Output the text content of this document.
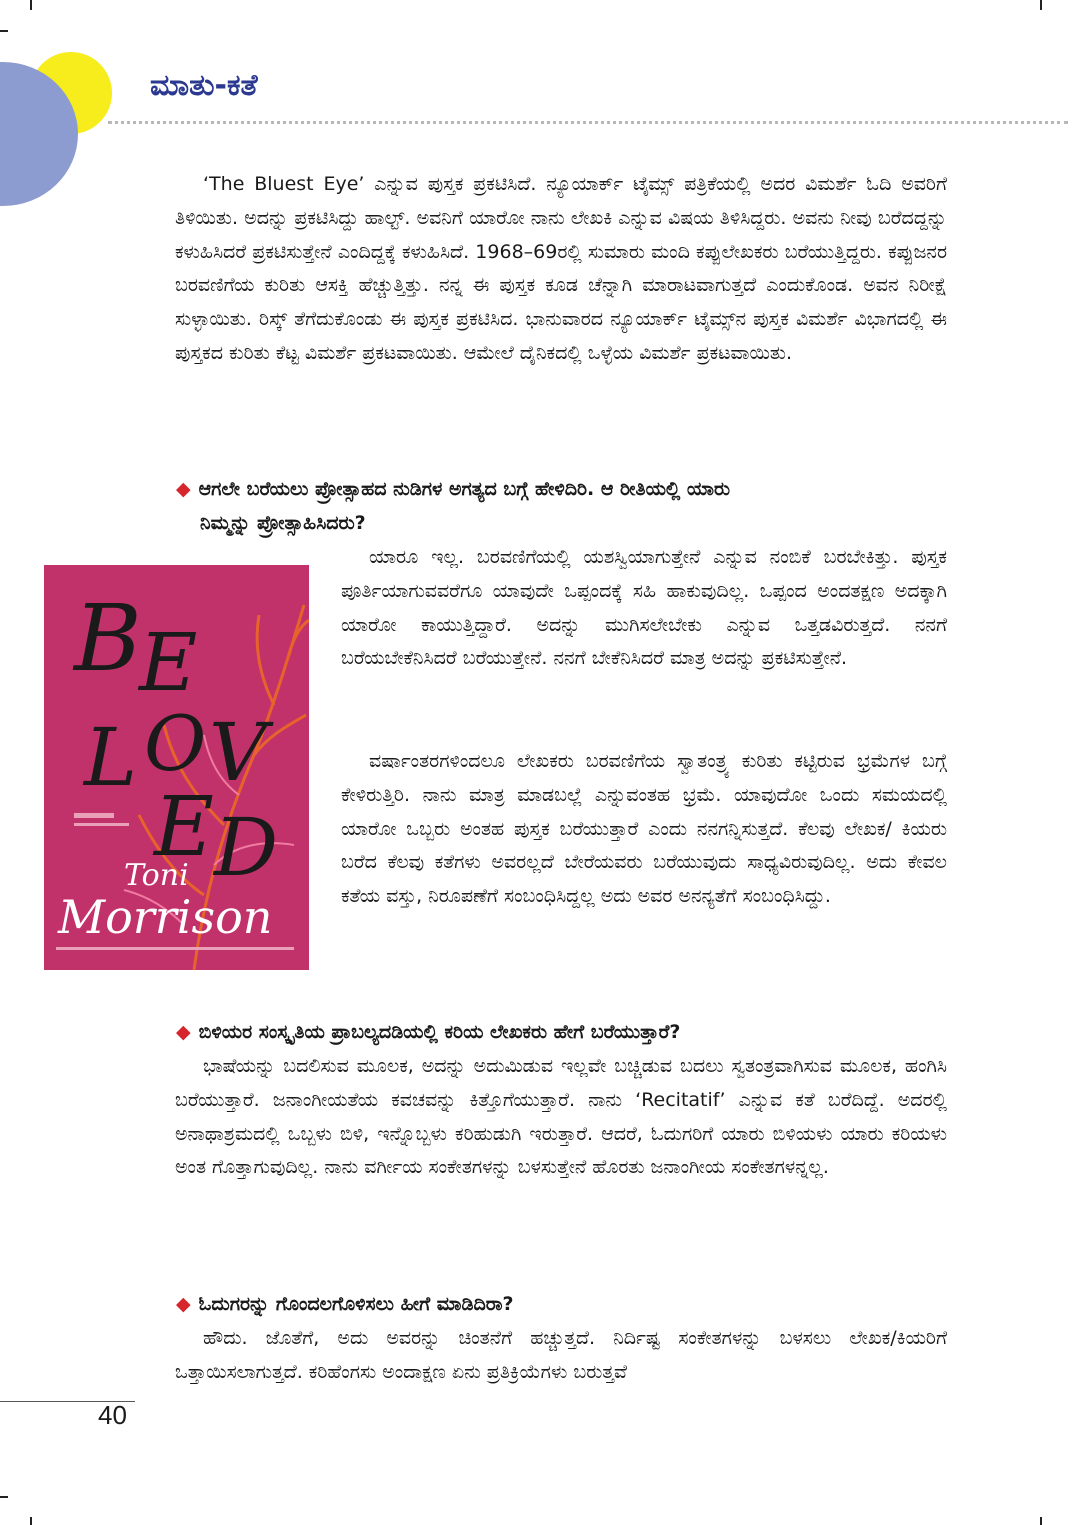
ಮಾತು-ಕತೆ

‘The Bluest Eye’ ಎನ್ನುವ ಪುಸ್ತಕ ಪ್ರಕಟಿಸಿದೆ. ನ್ಯೂಯಾರ್ಕ್ ಟೈಮ್ಸ್ ಪತ್ರಿಕೆಯಲ್ಲಿ ಅದರ ವಿಮರ್ಶೆ ಓದಿ ಅವರಿಗೆ ತಿಳಿಯಿತು. ಅದನ್ನು ಪ್ರಕಟಿಸಿದ್ದು ಹಾಲ್ಟ್. ಅವನಿಗೆ ಯಾರೋ ನಾನು ಲೇಖಕಿ ಎನ್ನುವ ವಿಷಯ ತಿಳಿಸಿದ್ದರು. ಅವನು ನೀವು ಬರೆದದ್ದನ್ನು ಕಳುಹಿಸಿದರೆ ಪ್ರಕಟಿಸುತ್ತೇನೆ ಎಂದಿದ್ದಕ್ಕೆ ಕಳುಹಿಸಿದೆ. 1968–69ರಲ್ಲಿ ಸುಮಾರು ಮಂದಿ ಕಪ್ಪುಲೇಖಕರು ಬರೆಯುತ್ತಿದ್ದರು. ಕಪ್ಪುಜನರ ಬರವಣಿಗೆಯ ಕುರಿತು ಆಸಕ್ತಿ ಹೆಚ್ಚುತ್ತಿತ್ತು. ನನ್ನ ಈ ಪುಸ್ತಕ ಕೂಡ ಚೆನ್ನಾಗಿ ಮಾರಾಟವಾಗುತ್ತದೆ ಎಂದುಕೊಂಡ. ಅವನ ನಿರೀಕ್ಷೆ ಸುಳ್ಳಾಯಿತು. ರಿಸ್ಕ್ ತೆಗೆದುಕೊಂಡು ಈ ಪುಸ್ತಕ ಪ್ರಕಟಿಸಿದ. ಭಾನುವಾರದ ನ್ಯೂಯಾರ್ಕ್ ಟೈಮ್ಸ್‌ನ ಪುಸ್ತಕ ವಿಮರ್ಶೆ ವಿಭಾಗದಲ್ಲಿ ಈ ಪುಸ್ತಕದ ಕುರಿತು ಕೆಟ್ಟ ವಿಮರ್ಶೆ ಪ್ರಕಟವಾಯಿತು. ಆಮೇಲೆ ದೈನಿಕದಲ್ಲಿ ಒಳ್ಳೆಯ ವಿಮರ್ಶೆ ಪ್ರಕಟವಾಯಿತು.

◆ ಆಗಲೇ ಬರೆಯಲು ಪ್ರೋತ್ಸಾಹದ ನುಡಿಗಳ ಅಗತ್ಯದ ಬಗ್ಗೆ ಹೇಳಿದಿರಿ. ಆ ರೀತಿಯಲ್ಲಿ ಯಾರು
ನಿಮ್ಮನ್ನು ಪ್ರೋತ್ಸಾಹಿಸಿದರು?

B
E
L O V
E D
Toni
Morrison

ಯಾರೂ ಇಲ್ಲ. ಬರವಣಿಗೆಯಲ್ಲಿ ಯಶಸ್ವಿಯಾಗುತ್ತೇನೆ ಎನ್ನುವ ನಂಬಿಕೆ ಬರಬೇಕಿತ್ತು. ಪುಸ್ತಕ ಪೂರ್ತಿಯಾಗುವವರೆಗೂ ಯಾವುದೇ ಒಪ್ಪಂದಕ್ಕೆ ಸಹಿ ಹಾಕುವುದಿಲ್ಲ. ಒಪ್ಪಂದ ಅಂದತಕ್ಷಣ ಅದಕ್ಕಾಗಿ ಯಾರೋ ಕಾಯುತ್ತಿದ್ದಾರೆ. ಅದನ್ನು ಮುಗಿಸಲೇಬೇಕು ಎನ್ನುವ ಒತ್ತಡವಿರುತ್ತದೆ. ನನಗೆ ಬರೆಯಬೇಕೆನಿಸಿದರೆ ಬರೆಯುತ್ತೇನೆ. ನನಗೆ ಬೇಕೆನಿಸಿದರೆ ಮಾತ್ರ ಅದನ್ನು ಪ್ರಕಟಿಸುತ್ತೇನೆ.

ವರ್ಷಾಂತರಗಳಿಂದಲೂ ಲೇಖಕರು ಬರವಣಿಗೆಯ ಸ್ವಾತಂತ್ರ್ಯ ಕುರಿತು ಕಟ್ಟಿರುವ ಭ್ರಮೆಗಳ ಬಗ್ಗೆ ಕೇಳಿರುತ್ತಿರಿ. ನಾನು ಮಾತ್ರ ಮಾಡಬಲ್ಲೆ ಎನ್ನುವಂತಹ ಭ್ರಮೆ. ಯಾವುದೋ ಒಂದು ಸಮಯದಲ್ಲಿ ಯಾರೋ ಒಬ್ಬರು ಅಂತಹ ಪುಸ್ತಕ ಬರೆಯುತ್ತಾರೆ ಎಂದು ನನಗನ್ನಿಸುತ್ತದೆ. ಕೆಲವು ಲೇಖಕ/ ಕಿಯರು ಬರೆದ ಕೆಲವು ಕತೆಗಳು ಅವರಲ್ಲದೆ ಬೇರೆಯವರು ಬರೆಯುವುದು ಸಾಧ್ಯವಿರುವುದಿಲ್ಲ. ಅದು ಕೇವಲ ಕತೆಯ ವಸ್ತು, ನಿರೂಪಣೆಗೆ ಸಂಬಂಧಿಸಿದ್ದಲ್ಲ ಅದು ಅವರ ಅನನ್ಯತೆಗೆ ಸಂಬಂಧಿಸಿದ್ದು.

◆ ಬಿಳಿಯರ ಸಂಸ್ಕೃತಿಯ ಪ್ರಾಬಲ್ಯದಡಿಯಲ್ಲಿ ಕರಿಯ ಲೇಖಕರು ಹೇಗೆ ಬರೆಯುತ್ತಾರೆ?

ಭಾಷೆಯನ್ನು ಬದಲಿಸುವ ಮೂಲಕ, ಅದನ್ನು ಅದುಮಿಡುವ ಇಲ್ಲವೇ ಬಚ್ಚಿಡುವ ಬದಲು ಸ್ವತಂತ್ರವಾಗಿಸುವ ಮೂಲಕ, ಹಂಗಿಸಿ ಬರೆಯುತ್ತಾರೆ. ಜನಾಂಗೀಯತೆಯ ಕವಚವನ್ನು ಕಿತ್ತೊಗೆಯುತ್ತಾರೆ. ನಾನು ‘Recitatif’ ಎನ್ನುವ ಕತೆ ಬರೆದಿದ್ದೆ. ಅದರಲ್ಲಿ ಅನಾಥಾಶ್ರಮದಲ್ಲಿ ಒಬ್ಬಳು ಬಿಳಿ, ಇನ್ನೊಬ್ಬಳು ಕರಿಹುಡುಗಿ ಇರುತ್ತಾರೆ. ಆದರೆ, ಓದುಗರಿಗೆ ಯಾರು ಬಿಳಿಯಳು ಯಾರು ಕರಿಯಳು ಅಂತ ಗೊತ್ತಾಗುವುದಿಲ್ಲ. ನಾನು ವರ್ಗೀಯ ಸಂಕೇತಗಳನ್ನು ಬಳಸುತ್ತೇನೆ ಹೊರತು ಜನಾಂಗೀಯ ಸಂಕೇತಗಳನ್ನಲ್ಲ.

◆ ಓದುಗರನ್ನು ಗೊಂದಲಗೊಳಿಸಲು ಹೀಗೆ ಮಾಡಿದಿರಾ?

ಹೌದು. ಜೊತೆಗೆ, ಅದು ಅವರನ್ನು ಚಿಂತನೆಗೆ ಹಚ್ಚುತ್ತದೆ. ನಿರ್ದಿಷ್ಟ ಸಂಕೇತಗಳನ್ನು ಬಳಸಲು ಲೇಖಕ/ಕಿಯರಿಗೆ ಒತ್ತಾಯಿಸಲಾಗುತ್ತದೆ. ಕರಿಹೆಂಗಸು ಅಂದಾಕ್ಷಣ ಏನು ಪ್ರತಿಕ್ರಿಯೆಗಳು ಬರುತ್ತವೆ

40
